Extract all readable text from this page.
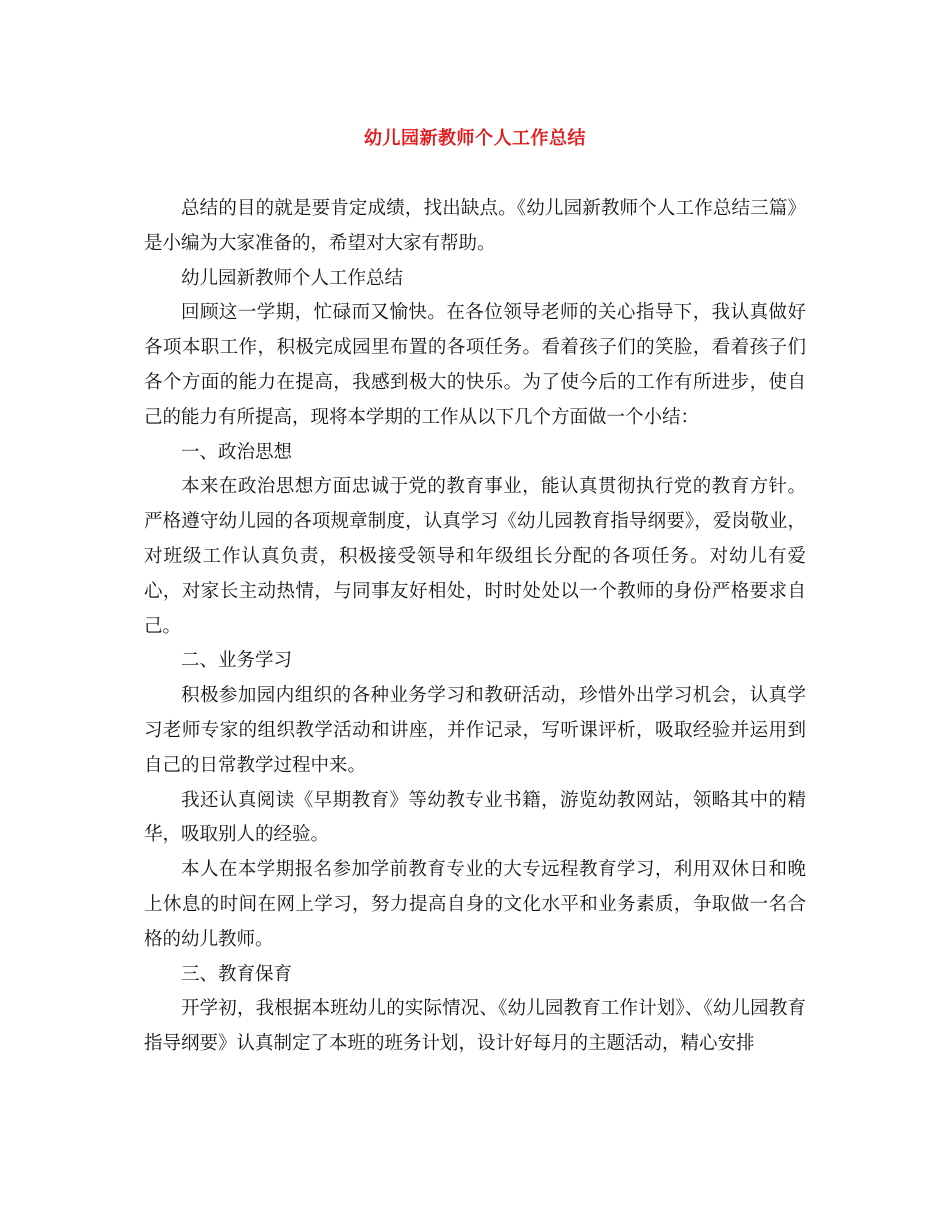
幼儿园新教师个人工作总结

总结的目的就是要肯定成绩，找出缺点。《幼儿园新教师个人工作总结三篇》是小编为大家准备的，希望对大家有帮助。

幼儿园新教师个人工作总结

回顾这一学期，忙碌而又愉快。在各位领导老师的关心指导下，我认真做好各项本职工作，积极完成园里布置的各项任务。看着孩子们的笑脸，看着孩子们各个方面的能力在提高，我感到极大的快乐。为了使今后的工作有所进步，使自己的能力有所提高，现将本学期的工作从以下几个方面做一个小结：

一、政治思想

本来在政治思想方面忠诚于党的教育事业，能认真贯彻执行党的教育方针。严格遵守幼儿园的各项规章制度，认真学习《幼儿园教育指导纲要》，爱岗敬业，对班级工作认真负责，积极接受领导和年级组长分配的各项任务。对幼儿有爱心，对家长主动热情，与同事友好相处，时时处处以一个教师的身份严格要求自己。

二、业务学习

积极参加园内组织的各种业务学习和教研活动，珍惜外出学习机会，认真学习老师专家的组织教学活动和讲座，并作记录，写听课评析，吸取经验并运用到自己的日常教学过程中来。

我还认真阅读《早期教育》等幼教专业书籍，游览幼教网站，领略其中的精华，吸取别人的经验。

本人在本学期报名参加学前教育专业的大专远程教育学习，利用双休日和晚上休息的时间在网上学习，努力提高自身的文化水平和业务素质，争取做一名合格的幼儿教师。

三、教育保育

开学初，我根据本班幼儿的实际情况、《幼儿园教育工作计划》、《幼儿园教育指导纲要》认真制定了本班的班务计划，设计好每月的主题活动，精心安排
